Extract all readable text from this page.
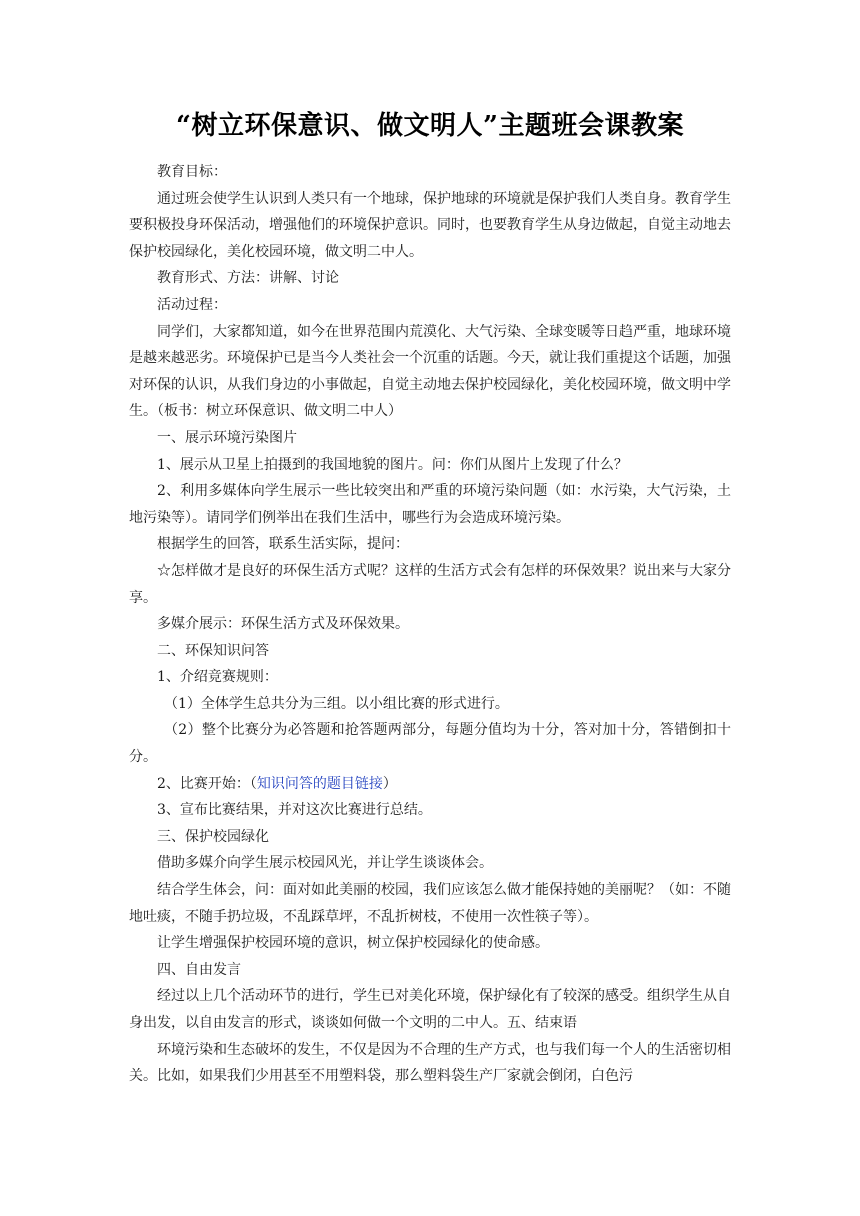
“树立环保意识、做文明人”主题班会课教案

教育目标：

通过班会使学生认识到人类只有一个地球，保护地球的环境就是保护我们人类自身。教育学生要积极投身环保活动，增强他们的环境保护意识。同时，也要教育学生从身边做起，自觉主动地去保护校园绿化，美化校园环境，做文明二中人。

教育形式、方法：讲解、讨论

活动过程：

同学们，大家都知道，如今在世界范围内荒漠化、大气污染、全球变暖等日趋严重，地球环境是越来越恶劣。环境保护已是当今人类社会一个沉重的话题。今天，就让我们重提这个话题，加强对环保的认识，从我们身边的小事做起，自觉主动地去保护校园绿化，美化校园环境，做文明中学生。（板书：树立环保意识、做文明二中人）

一、展示环境污染图片

1、展示从卫星上拍摄到的我国地貌的图片。问：你们从图片上发现了什么？

2、利用多媒体向学生展示一些比较突出和严重的环境污染问题（如：水污染，大气污染，土地污染等）。请同学们例举出在我们生活中，哪些行为会造成环境污染。

根据学生的回答，联系生活实际，提问：

☆怎样做才是良好的环保生活方式呢？这样的生活方式会有怎样的环保效果？说出来与大家分享。

多媒介展示：环保生活方式及环保效果。

二、环保知识问答

1、介绍竞赛规则：

（1）全体学生总共分为三组。以小组比赛的形式进行。

（2）整个比赛分为必答题和抢答题两部分，每题分值均为十分，答对加十分，答错倒扣十分。

2、比赛开始：（知识问答的题目链接）

3、宣布比赛结果，并对这次比赛进行总结。

三、保护校园绿化

借助多媒介向学生展示校园风光，并让学生谈谈体会。

结合学生体会，问：面对如此美丽的校园，我们应该怎么做才能保持她的美丽呢？（如：不随地吐痰，不随手扔垃圾，不乱踩草坪，不乱折树枝，不使用一次性筷子等）。

让学生增强保护校园环境的意识，树立保护校园绿化的使命感。

四、自由发言

经过以上几个活动环节的进行，学生已对美化环境，保护绿化有了较深的感受。组织学生从自身出发，以自由发言的形式，谈谈如何做一个文明的二中人。五、结束语

环境污染和生态破坏的发生，不仅是因为不合理的生产方式，也与我们每一个人的生活密切相关。比如，如果我们少用甚至不用塑料袋，那么塑料袋生产厂家就会倒闭，白色污
